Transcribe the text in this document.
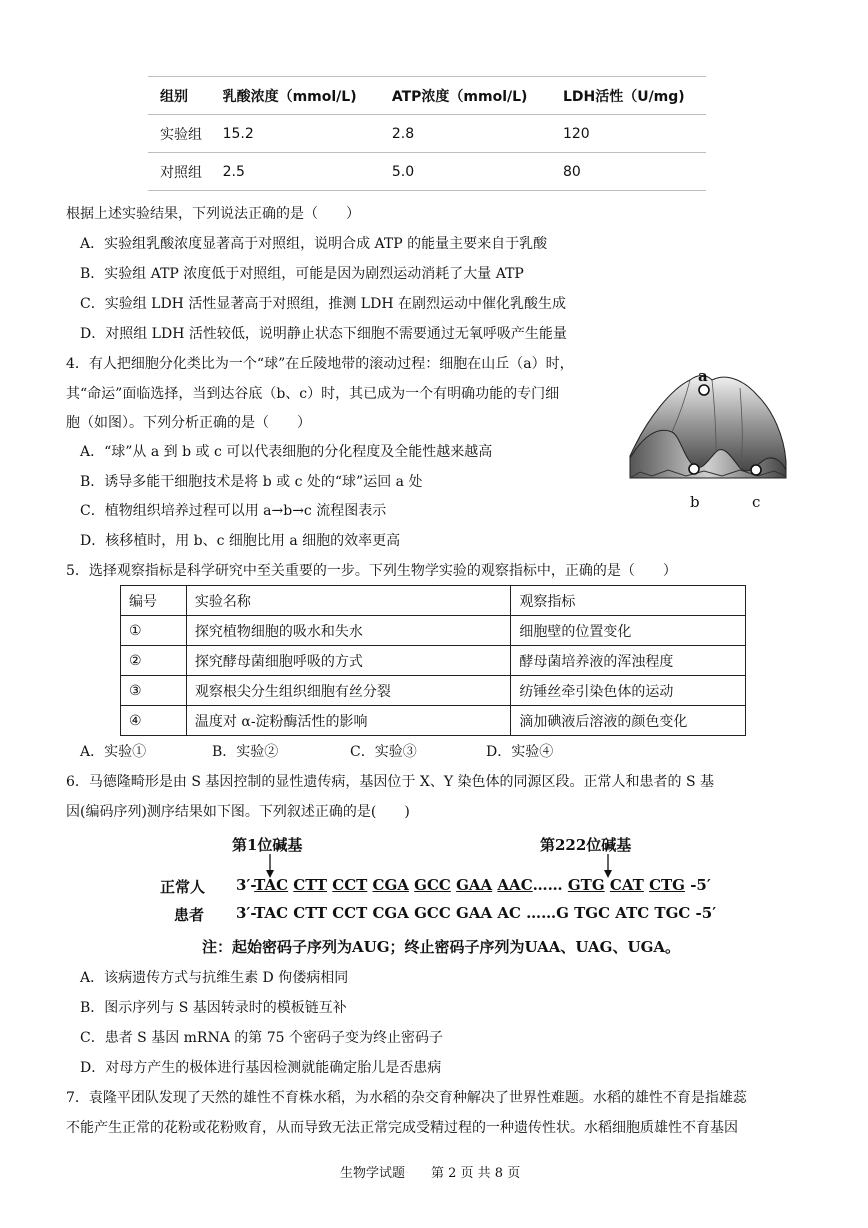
组别	乳酸浓度（mmol/L)	ATP浓度（mmol/L)	LDH活性（U/mg)
实验组	15.2	2.8	120
对照组	2.5	5.0	80
根据上述实验结果，下列说法正确的是（　　）
A．实验组乳酸浓度显著高于对照组，说明合成 ATP 的能量主要来自于乳酸
B．实验组 ATP 浓度低于对照组，可能是因为剧烈运动消耗了大量 ATP
C．实验组 LDH 活性显著高于对照组，推测 LDH 在剧烈运动中催化乳酸生成
D．对照组 LDH 活性较低，说明静止状态下细胞不需要通过无氧呼吸产生能量
4．有人把细胞分化类比为一个“球”在丘陵地带的滚动过程：细胞在山丘（a）时，
其“命运”面临选择，当到达谷底（b、c）时，其已成为一个有明确功能的专门细
胞（如图）。下列分析正确的是（　　）
A．“球”从 a 到 b 或 c 可以代表细胞的分化程度及全能性越来越高
B．诱导多能干细胞技术是将 b 或 c 处的“球”运回 a 处
C．植物组织培养过程可以用 a→b→c 流程图表示
D．核移植时，用 b、c 细胞比用 a 细胞的效率更高
a
b	c
5．选择观察指标是科学研究中至关重要的一步。下列生物学实验的观察指标中，正确的是（　　）
编号	实验名称	观察指标
①	探究植物细胞的吸水和失水	细胞壁的位置变化
②	探究酵母菌细胞呼吸的方式	酵母菌培养液的浑浊程度
③	观察根尖分生组织细胞有丝分裂	纺锤丝牵引染色体的运动
④	温度对 α-淀粉酶活性的影响	滴加碘液后溶液的颜色变化
A．实验①	B．实验②	C．实验③	D．实验④
6．马德隆畸形是由 S 基因控制的显性遗传病，基因位于 X、Y 染色体的同源区段。正常人和患者的 S 基
因(编码序列)测序结果如下图。下列叙述正确的是(　　)
第1位碱基	第222位碱基
正常人 3′-TAC CTT CCT CGA GCC GAA AAC…… GTG CAT CTG -5′
患者 3′-TAC CTT CCT CGA GCC GAA AC ……G TGC ATC TGC -5′
注：起始密码子序列为AUG；终止密码子序列为UAA、UAG、UGA。
A．该病遗传方式与抗维生素 D 佝偻病相同
B．图示序列与 S 基因转录时的模板链互补
C．患者 S 基因 mRNA 的第 75 个密码子变为终止密码子
D．对母方产生的极体进行基因检测就能确定胎儿是否患病
7．袁隆平团队发现了天然的雄性不育株水稻，为水稻的杂交育种解决了世界性难题。水稻的雄性不育是指雄蕊
不能产生正常的花粉或花粉败育，从而导致无法正常完成受精过程的一种遗传性状。水稻细胞质雄性不育基因
生物学试题　　第 2 页 共 8 页
